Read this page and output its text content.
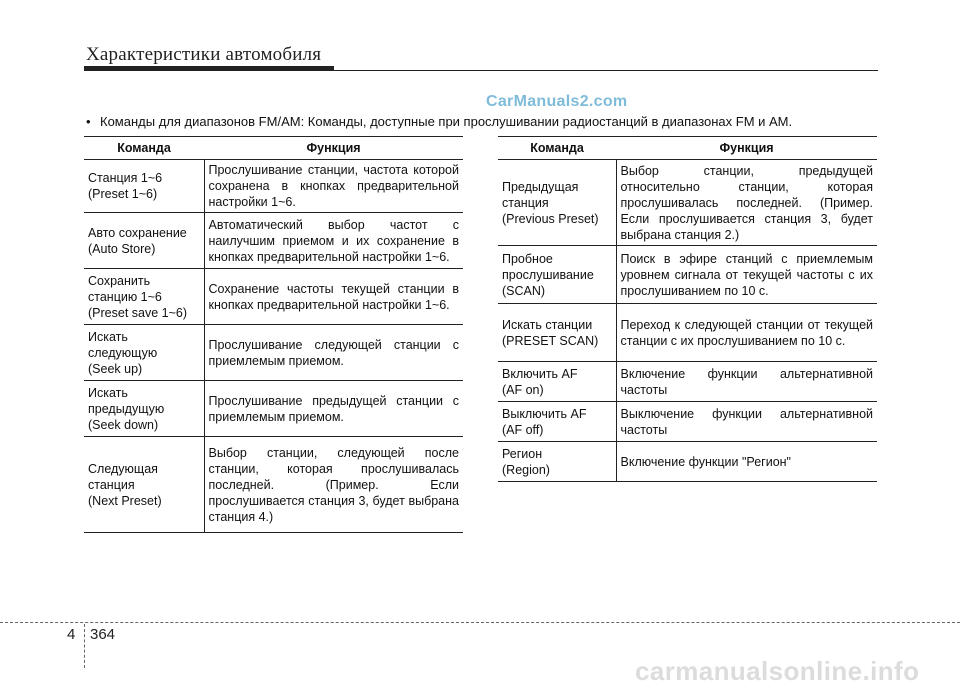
Характеристики автомобиля
CarManuals2.com
• Команды для диапазонов FM/AM: Команды, доступные при прослушивании радиостанций в диапазонах FM и AM.
Команда	Функция

Станция 1~6
(Preset 1~6)	Прослушивание станции, частота которой сохранена в кнопках предварительной настройки 1~6.

Авто сохранение
(Auto Store)	Автоматический выбор частот с наилучшим приемом и их сохранение в кнопках предварительной настройки 1~6.

Сохранить
станцию 1~6
(Preset save 1~6)	Сохранение частоты текущей станции в кнопках предварительной настройки 1~6.

Искать
следующую
(Seek up)	Прослушивание следующей станции с приемлемым приемом.

Искать
предыдущую
(Seek down)	Прослушивание предыдущей станции с приемлемым приемом.

Следующая
станция
(Next Preset)	Выбор станции, следующей после станции, которая прослушивалась последней. (Пример. Если прослушивается станция 3, будет выбрана станция 4.)
Команда	Функция

Предыдущая
станция
(Previous Preset)	Выбор станции, предыдущей относительно станции, которая прослушивалась последней. (Пример. Если прослушивается станция 3, будет выбрана станция 2.)

Пробное
прослушивание
(SCAN)	Поиск в эфире станций с приемлемым уровнем сигнала от текущей частоты с их прослушиванием по 10 с.

Искать станции
(PRESET SCAN)	Переход к следующей станции от текущей станции с их прослушиванием по 10 с.

Включить AF
(AF on)	Включение функции альтернативной частоты

Выключить AF
(AF off)	Выключение функции альтернативной частоты

Регион
(Region)	Включение функции "Регион"
4 364
carmanualsonline.info
